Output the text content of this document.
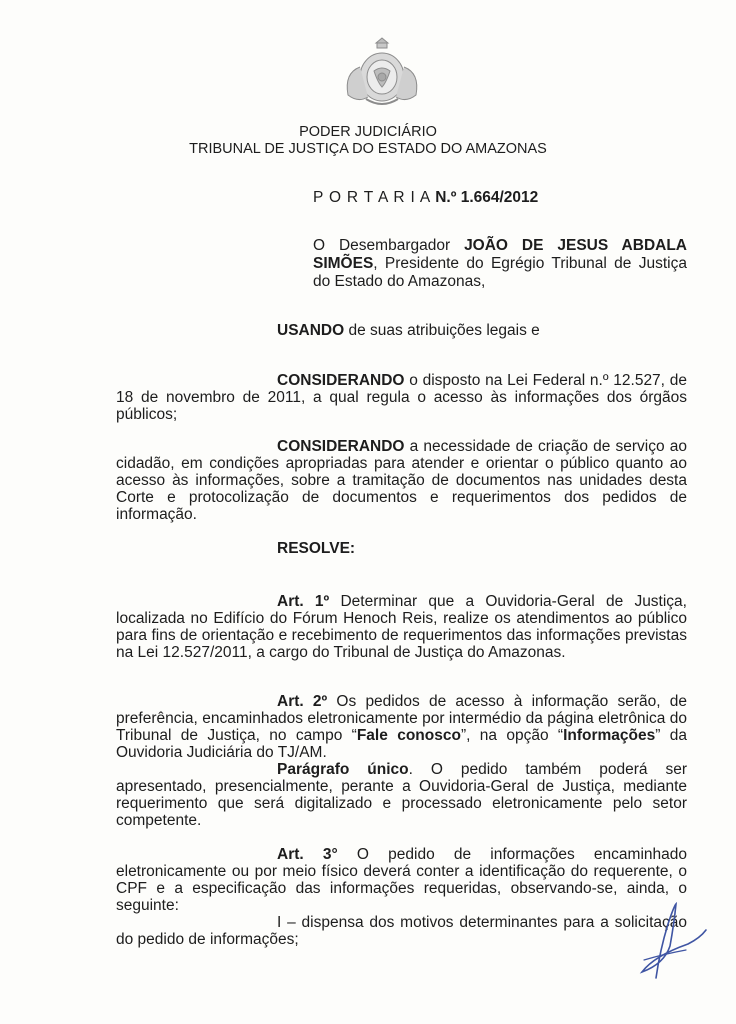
PODER JUDICIÁRIO
TRIBUNAL DE JUSTIÇA DO ESTADO DO AMAZONAS
P O R T A R I A N.º 1.664/2012

O Desembargador JOÃO DE JESUS ABDALA SIMÕES, Presidente do Egrégio Tribunal de Justiça do Estado do Amazonas,

USANDO de suas atribuições legais e

CONSIDERANDO o disposto na Lei Federal n.º 12.527, de 18 de novembro de 2011, a qual regula o acesso às informações dos órgãos públicos;

CONSIDERANDO a necessidade de criação de serviço ao cidadão, em condições apropriadas para atender e orientar o público quanto ao acesso às informações, sobre a tramitação de documentos nas unidades desta Corte e protocolização de documentos e requerimentos dos pedidos de informação.

RESOLVE:

Art. 1º Determinar que a Ouvidoria-Geral de Justiça, localizada no Edifício do Fórum Henoch Reis, realize os atendimentos ao público para fins de orientação e recebimento de requerimentos das informações previstas na Lei 12.527/2011, a cargo do Tribunal de Justiça do Amazonas.

Art. 2º Os pedidos de acesso à informação serão, de preferência, encaminhados eletronicamente por intermédio da página eletrônica do Tribunal de Justiça, no campo “Fale conosco”, na opção “Informações” da Ouvidoria Judiciária do TJ/AM.

Parágrafo único. O pedido também poderá ser apresentado, presencialmente, perante a Ouvidoria-Geral de Justiça, mediante requerimento que será digitalizado e processado eletronicamente pelo setor competente.

Art. 3° O pedido de informações encaminhado eletronicamente ou por meio físico deverá conter a identificação do requerente, o CPF e a especificação das informações requeridas, observando-se, ainda, o seguinte:

I – dispensa dos motivos determinantes para a solicitação do pedido de informações;
